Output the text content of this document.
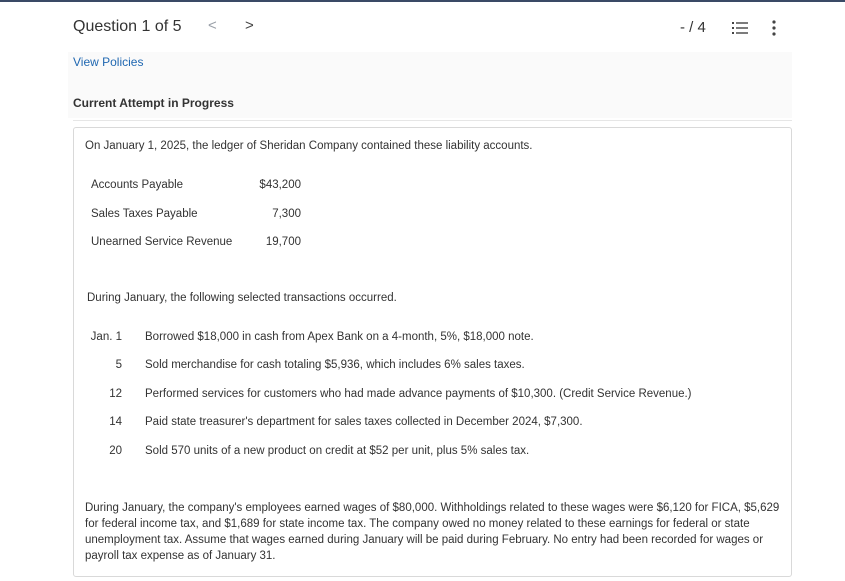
Question 1 of 5 < >	- / 4
View Policies
Current Attempt in Progress
On January 1, 2025, the ledger of Sheridan Company contained these liability accounts.
Accounts Payable	$43,200
Sales Taxes Payable	7,300
Unearned Service Revenue	19,700
During January, the following selected transactions occurred.
Jan. 1 Borrowed $18,000 in cash from Apex Bank on a 4-month, 5%, $18,000 note.
5 Sold merchandise for cash totaling $5,936, which includes 6% sales taxes.
12 Performed services for customers who had made advance payments of $10,300. (Credit Service Revenue.)
14 Paid state treasurer's department for sales taxes collected in December 2024, $7,300.
20 Sold 570 units of a new product on credit at $52 per unit, plus 5% sales tax.
During January, the company's employees earned wages of $80,000. Withholdings related to these wages were $6,120 for FICA, $5,629 for federal income tax, and $1,689 for state income tax. The company owed no money related to these earnings for federal or state unemployment tax. Assume that wages earned during January will be paid during February. No entry had been recorded for wages or payroll tax expense as of January 31.
